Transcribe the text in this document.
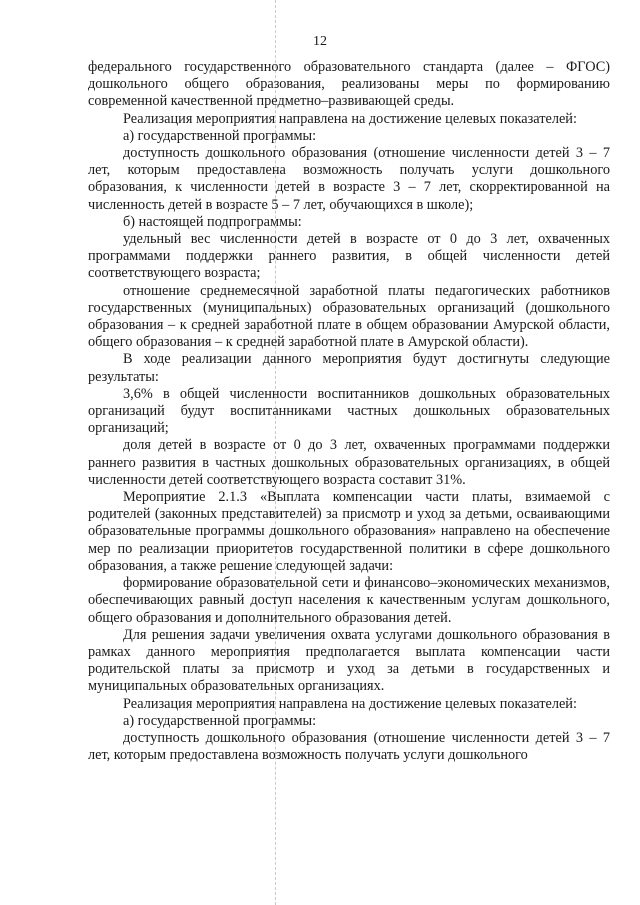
12

федерального государственного образовательного стандарта (далее – ФГОС) дошкольного общего образования, реализованы меры по формированию современной качественной предметно–развивающей среды.

Реализация мероприятия направлена на достижение целевых показателей:

а) государственной программы:

доступность дошкольного образования (отношение численности детей 3 – 7 лет, которым предоставлена возможность получать услуги дошкольного образования, к численности детей в возрасте 3 – 7 лет, скорректированной на численность детей в возрасте 5 – 7 лет, обучающихся в школе);

б) настоящей подпрограммы:

удельный вес численности детей в возрасте от 0 до 3 лет, охваченных программами поддержки раннего развития, в общей численности детей соответствующего возраста;

отношение среднемесячной заработной платы педагогических работников государственных (муниципальных) образовательных организаций (дошкольного образования – к средней заработной плате в общем образовании Амурской области, общего образования – к средней заработной плате в Амурской области).

В ходе реализации данного мероприятия будут достигнуты следующие результаты:

3,6% в общей численности воспитанников дошкольных образовательных организаций будут воспитанниками частных дошкольных образовательных организаций;

доля детей в возрасте от 0 до 3 лет, охваченных программами поддержки раннего развития в частных дошкольных образовательных организациях, в общей численности детей соответствующего возраста составит 31%.

Мероприятие 2.1.3 «Выплата компенсации части платы, взимаемой с родителей (законных представителей) за присмотр и уход за детьми, осваивающими образовательные программы дошкольного образования» направлено на обеспечение мер по реализации приоритетов государственной политики в сфере дошкольного образования, а также решение следующей задачи:

формирование образовательной сети и финансово–экономических механизмов, обеспечивающих равный доступ населения к качественным услугам дошкольного, общего образования и дополнительного образования детей.

Для решения задачи увеличения охвата услугами дошкольного образования в рамках данного мероприятия предполагается выплата компенсации части родительской платы за присмотр и уход за детьми в государственных и муниципальных образовательных организациях.

Реализация мероприятия направлена на достижение целевых показателей:

а) государственной программы:

доступность дошкольного образования (отношение численности детей 3 – 7 лет, которым предоставлена возможность получать услуги дошкольного
